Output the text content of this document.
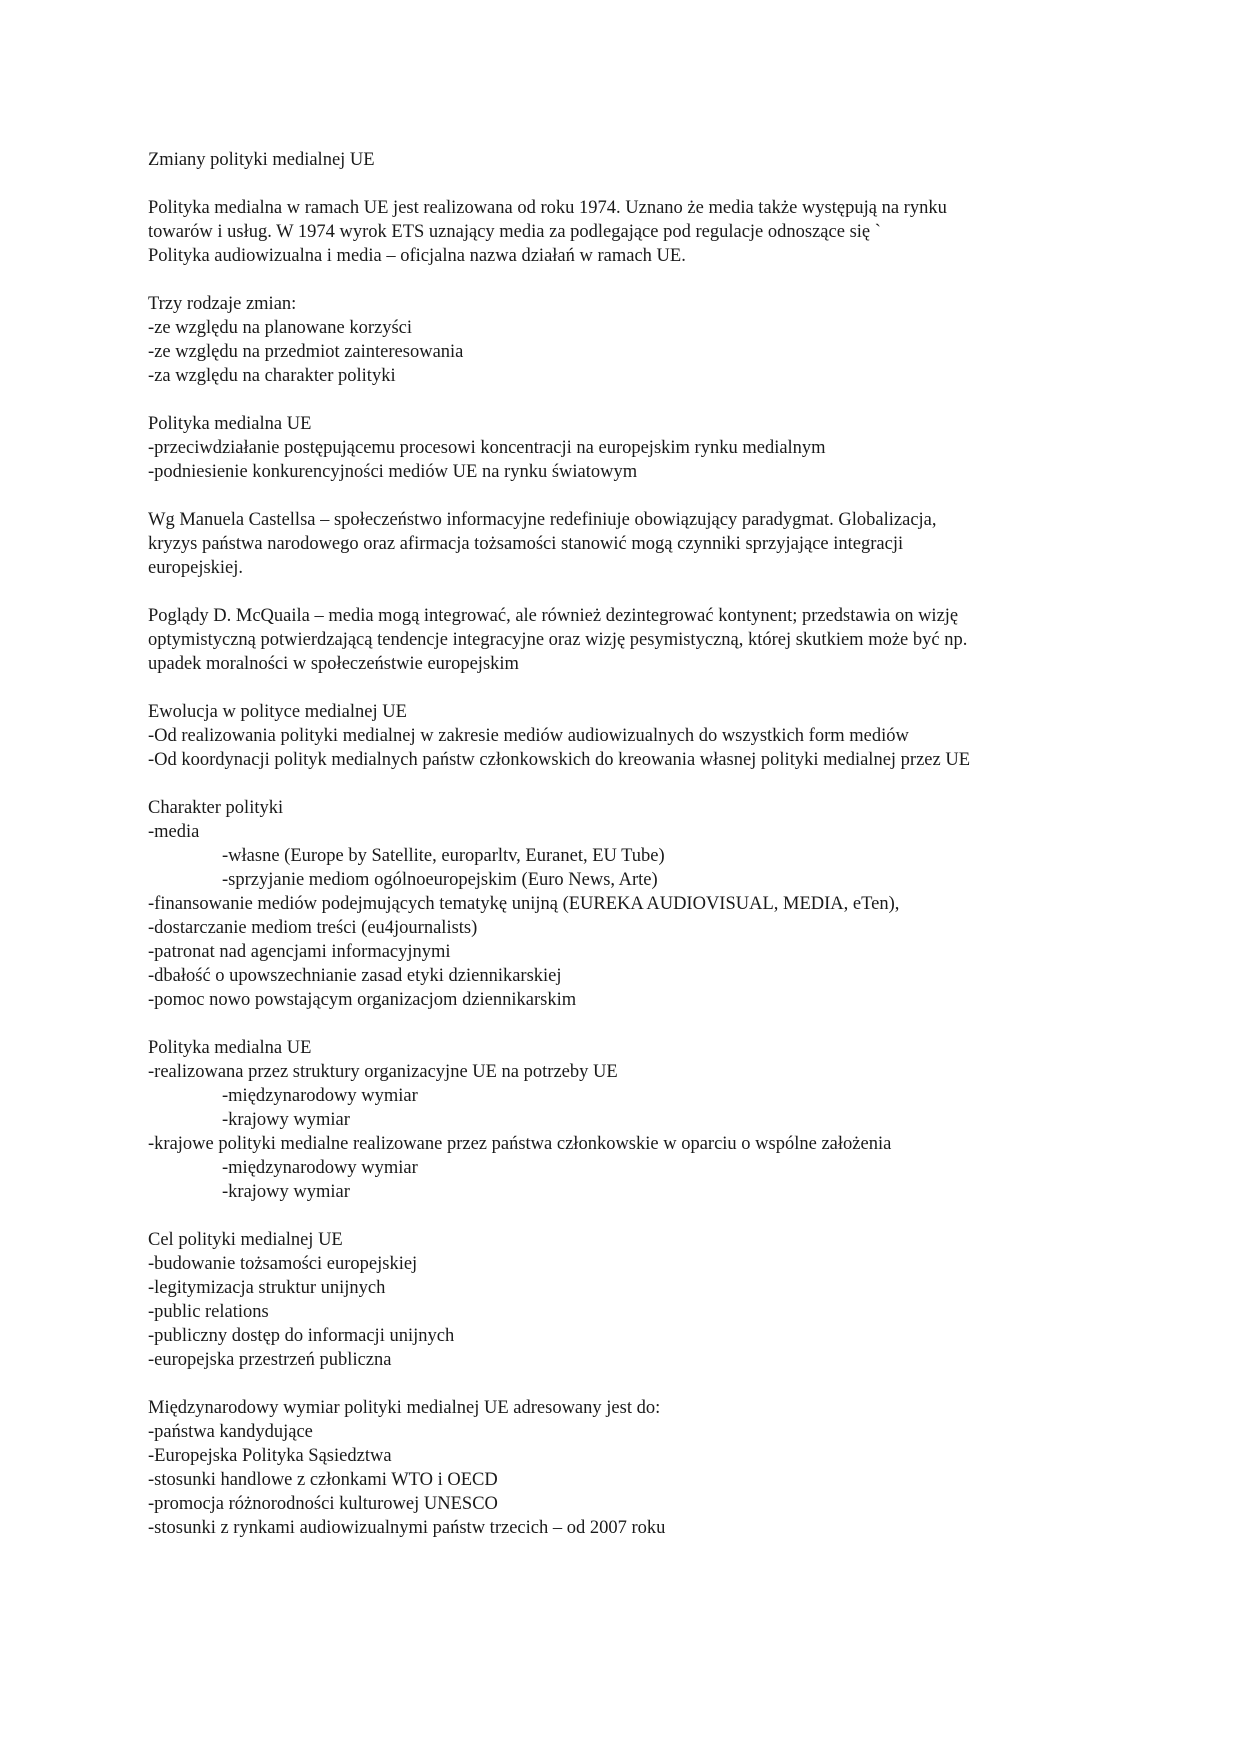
Zmiany polityki medialnej UE
Polityka medialna w ramach UE jest realizowana od roku 1974. Uznano że media także występują na rynku
towarów i usług. W 1974 wyrok ETS uznający media za podlegające pod regulacje odnoszące się `
Polityka audiowizualna i media – oficjalna nazwa działań w ramach UE.
Trzy rodzaje zmian:
-ze względu na planowane korzyści
-ze względu na przedmiot zainteresowania
-za względu na charakter polityki
Polityka medialna UE
-przeciwdziałanie postępującemu procesowi koncentracji na europejskim rynku medialnym
-podniesienie konkurencyjności mediów UE na rynku światowym
Wg Manuela Castellsa – społeczeństwo informacyjne redefiniuje obowiązujący paradygmat. Globalizacja,
kryzys państwa narodowego oraz afirmacja tożsamości stanowić mogą czynniki sprzyjające integracji
europejskiej.
Poglądy D. McQuaila – media mogą integrować, ale również dezintegrować kontynent; przedstawia on wizję
optymistyczną potwierdzającą tendencje integracyjne oraz wizję pesymistyczną, której skutkiem może być np.
upadek moralności w społeczeństwie europejskim
Ewolucja w polityce medialnej UE
-Od realizowania polityki medialnej w zakresie mediów audiowizualnych do wszystkich form mediów
-Od koordynacji polityk medialnych państw członkowskich do kreowania własnej polityki medialnej przez UE
Charakter polityki
-media
-własne (Europe by Satellite, europarltv, Euranet, EU Tube)
-sprzyjanie mediom ogólnoeuropejskim (Euro News, Arte)
-finansowanie mediów podejmujących tematykę unijną (EUREKA AUDIOVISUAL, MEDIA, eTen),
-dostarczanie mediom treści (eu4journalists)
-patronat nad agencjami informacyjnymi
-dbałość o upowszechnianie zasad etyki dziennikarskiej
-pomoc nowo powstającym organizacjom dziennikarskim
Polityka medialna UE
-realizowana przez struktury organizacyjne UE na potrzeby UE
-międzynarodowy wymiar
-krajowy wymiar
-krajowe polityki medialne realizowane przez państwa członkowskie w oparciu o wspólne założenia
-międzynarodowy wymiar
-krajowy wymiar
Cel polityki medialnej UE
-budowanie tożsamości europejskiej
-legitymizacja struktur unijnych
-public relations
-publiczny dostęp do informacji unijnych
-europejska przestrzeń publiczna
Międzynarodowy wymiar polityki medialnej UE adresowany jest do:
-państwa kandydujące
-Europejska Polityka Sąsiedztwa
-stosunki handlowe z członkami WTO i OECD
-promocja różnorodności kulturowej UNESCO
-stosunki z rynkami audiowizualnymi państw trzecich – od 2007 roku
